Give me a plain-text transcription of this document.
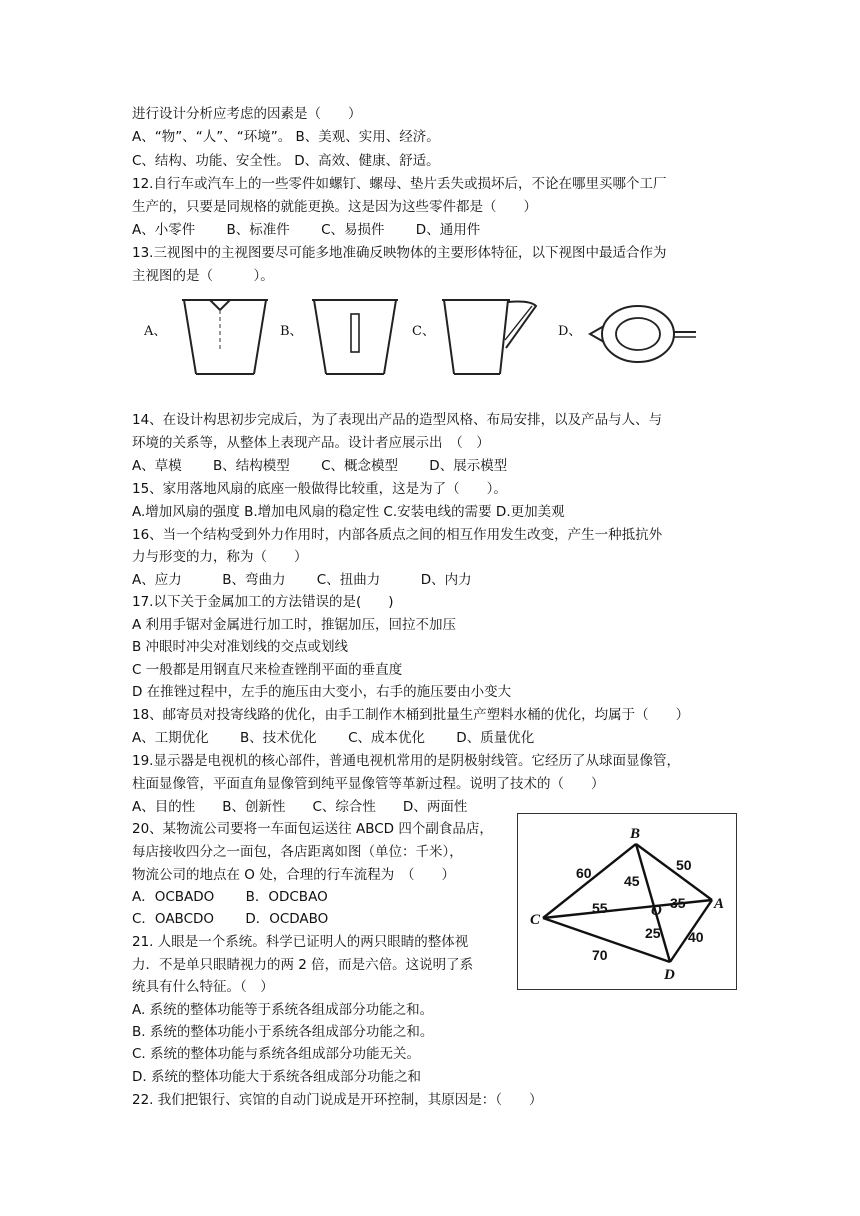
进行设计分析应考虑的因素是（　　）
A、“物”、“人”、“环境”。 B、美观、实用、经济。
C、结构、功能、安全性。 D、高效、健康、舒适。
12.自行车或汽车上的一些零件如螺钉、螺母、垫片丢失或损坏后，不论在哪里买哪个工厂
生产的，只要是同规格的就能更换。这是因为这些零件都是（　　）
A、小零件　　 B、标准件　　 C、易损件　　 D、通用件
13.三视图中的主视图要尽可能多地准确反映物体的主要形体特征，以下视图中最适合作为
主视图的是（　　　）。
A、	B、	C、	D、
14、在设计构思初步完成后，为了表现出产品的造型风格、布局安排，以及产品与人、与
环境的关系等，从整体上表现产品。设计者应展示出　（　）
A、草模　　 B、结构模型　　 C、概念模型　　 D、展示模型
15、家用落地风扇的底座一般做得比较重，这是为了（　　）。
A.增加风扇的强度 B.增加电风扇的稳定性 C.安装电线的需要 D.更加美观
16、当一个结构受到外力作用时，内部各质点之间的相互作用发生改变，产生一种抵抗外
力与形变的力，称为（　　）
A、应力　　　B、弯曲力　　 C、扭曲力　　　D、内力
17.以下关于金属加工的方法错误的是(　　)
A 利用手锯对金属进行加工时，推锯加压，回拉不加压
B 冲眼时冲尖对准划线的交点或划线
C 一般都是用钢直尺来检查锉削平面的垂直度
D 在推锉过程中，左手的施压由大变小，右手的施压要由小变大
18、邮寄员对投寄线路的优化，由手工制作木桶到批量生产塑料水桶的优化，均属于（　　）
A、工期优化　　 B、技术优化　　 C、成本优化　　 D、质量优化
19.显示器是电视机的核心部件，普通电视机常用的是阴极射线管。它经历了从球面显像管，
柱面显像管，平面直角显像管到纯平显像管等革新过程。说明了技术的（　　）
A、目的性　　B、创新性　　C、综合性　　D、两面性
20、某物流公司要将一车面包运送往 ABCD 四个副食品店，
每店接收四分之一面包，各店距离如图（单位：千米），
物流公司的地点在 O 处，合理的行车流程为　（　　）
A．OCBADO　　 B．ODCBAO
C．OABCDO　　 D．OCDABO
21. 人眼是一个系统。科学已证明人的两只眼睛的整体视
力．不是单只眼睛视力的两 2 倍，而是六倍。这说明了系
统具有什么特征。（　）
A. 系统的整体功能等于系统各组成部分功能之和。
B. 系统的整体功能小于系统各组成部分功能之和。
C. 系统的整体功能与系统各组成部分功能无关。
D. 系统的整体功能大于系统各组成部分功能之和
22. 我们把银行、宾馆的自动门说成是开环控制，其原因是：（　　）
B
A
C
D
O
60	50
45
35
55
25
70
40
